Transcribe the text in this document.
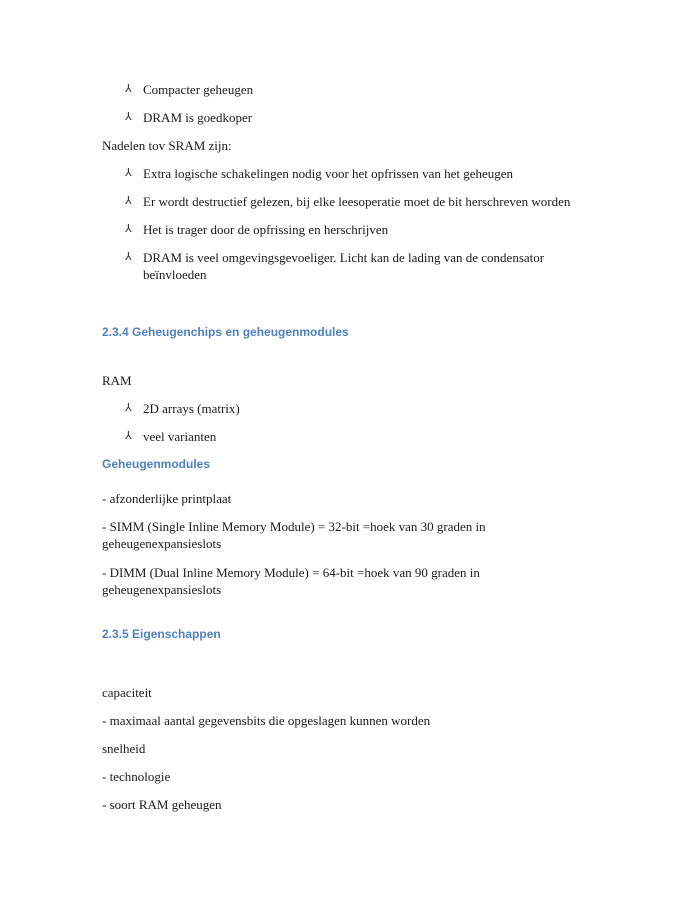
⅄ Compacter geheugen
⅄ DRAM is goedkoper

Nadelen tov SRAM zijn:

⅄ Extra logische schakelingen nodig voor het opfrissen van het geheugen
⅄ Er wordt destructief gelezen, bij elke leesoperatie moet de bit herschreven worden
⅄ Het is trager door de opfrissing en herschrijven
⅄ DRAM is veel omgevingsgevoeliger. Licht kan de lading van de condensator beïnvloeden
2.3.4 Geheugenchips en geheugenmodules

RAM

⅄ 2D arrays (matrix)
⅄ veel varianten
Geheugenmodules

- afzonderlijke printplaat

- SIMM (Single Inline Memory Module) = 32-bit =hoek van 30 graden in geheugenexpansieslots

- DIMM (Dual Inline Memory Module) = 64-bit =hoek van 90 graden in geheugenexpansieslots

2.3.5 Eigenschappen

capaciteit

- maximaal aantal gegevensbits die opgeslagen kunnen worden

snelheid

- technologie

- soort RAM geheugen
